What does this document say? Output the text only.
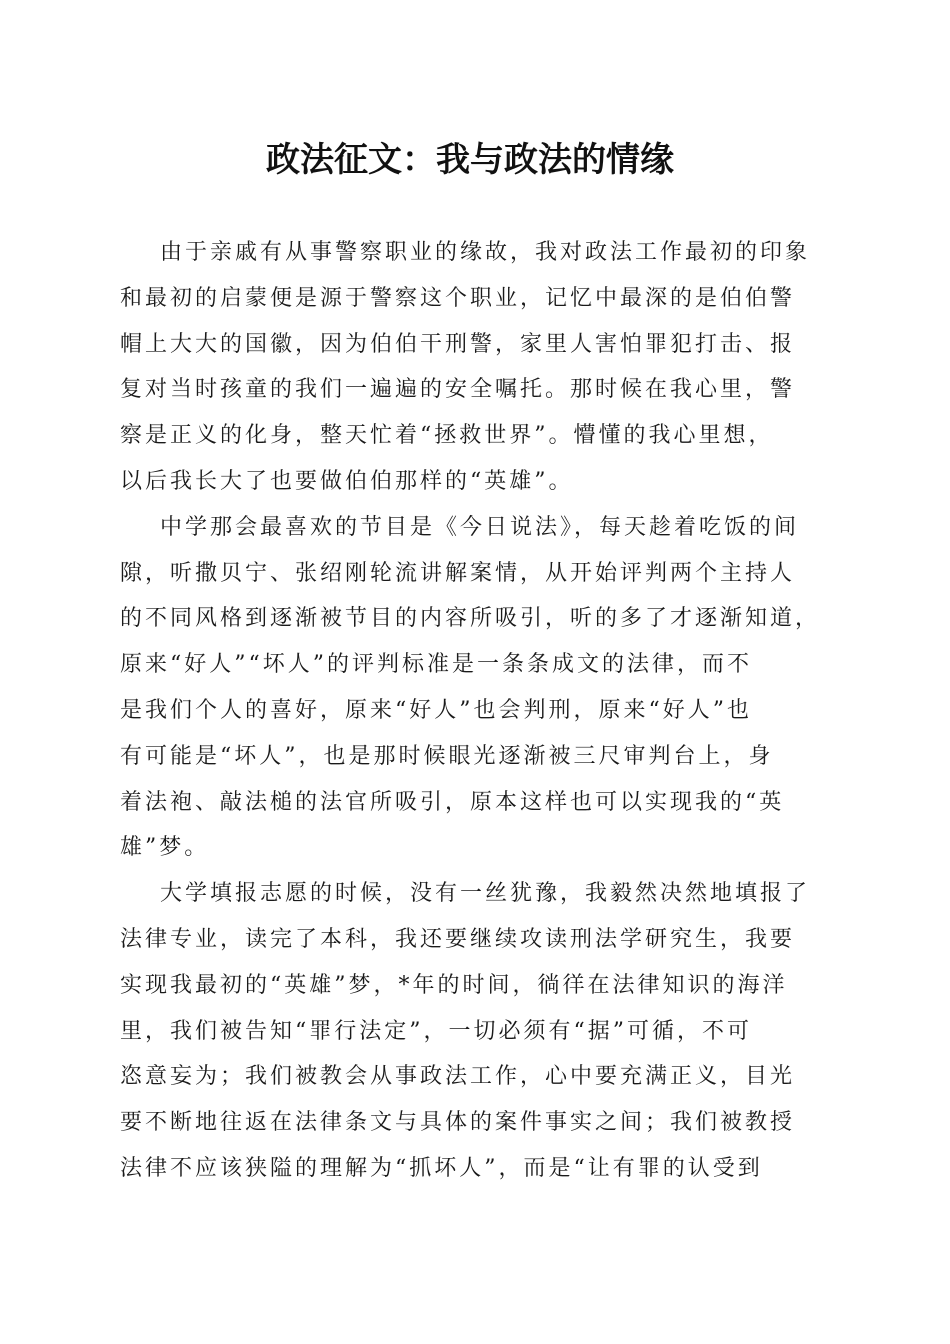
政法征文：我与政法的情缘

由于亲戚有从事警察职业的缘故，我对政法工作最初的印象

和最初的启蒙便是源于警察这个职业，记忆中最深的是伯伯警

帽上大大的国徽，因为伯伯干刑警，家里人害怕罪犯打击、报

复对当时孩童的我们一遍遍的安全嘱托。那时候在我心里，警

察是正义的化身，整天忙着“拯救世界”。懵懂的我心里想，

以后我长大了也要做伯伯那样的“英雄”。

中学那会最喜欢的节目是《今日说法》，每天趁着吃饭的间

隙，听撒贝宁、张绍刚轮流讲解案情，从开始评判两个主持人

的不同风格到逐渐被节目的内容所吸引，听的多了才逐渐知道，

原来“好人”“坏人”的评判标准是一条条成文的法律，而不

是我们个人的喜好，原来“好人”也会判刑，原来“好人”也

有可能是“坏人”，也是那时候眼光逐渐被三尺审判台上，身

着法袍、敲法槌的法官所吸引，原本这样也可以实现我的“英

雄”梦。

大学填报志愿的时候，没有一丝犹豫，我毅然决然地填报了

法律专业，读完了本科，我还要继续攻读刑法学研究生，我要

实现我最初的“英雄”梦，*年的时间，徜徉在法律知识的海洋

里，我们被告知“罪行法定”，一切必须有“据”可循，不可

恣意妄为；我们被教会从事政法工作，心中要充满正义，目光

要不断地往返在法律条文与具体的案件事实之间；我们被教授

法律不应该狭隘的理解为“抓坏人”，而是“让有罪的认受到
